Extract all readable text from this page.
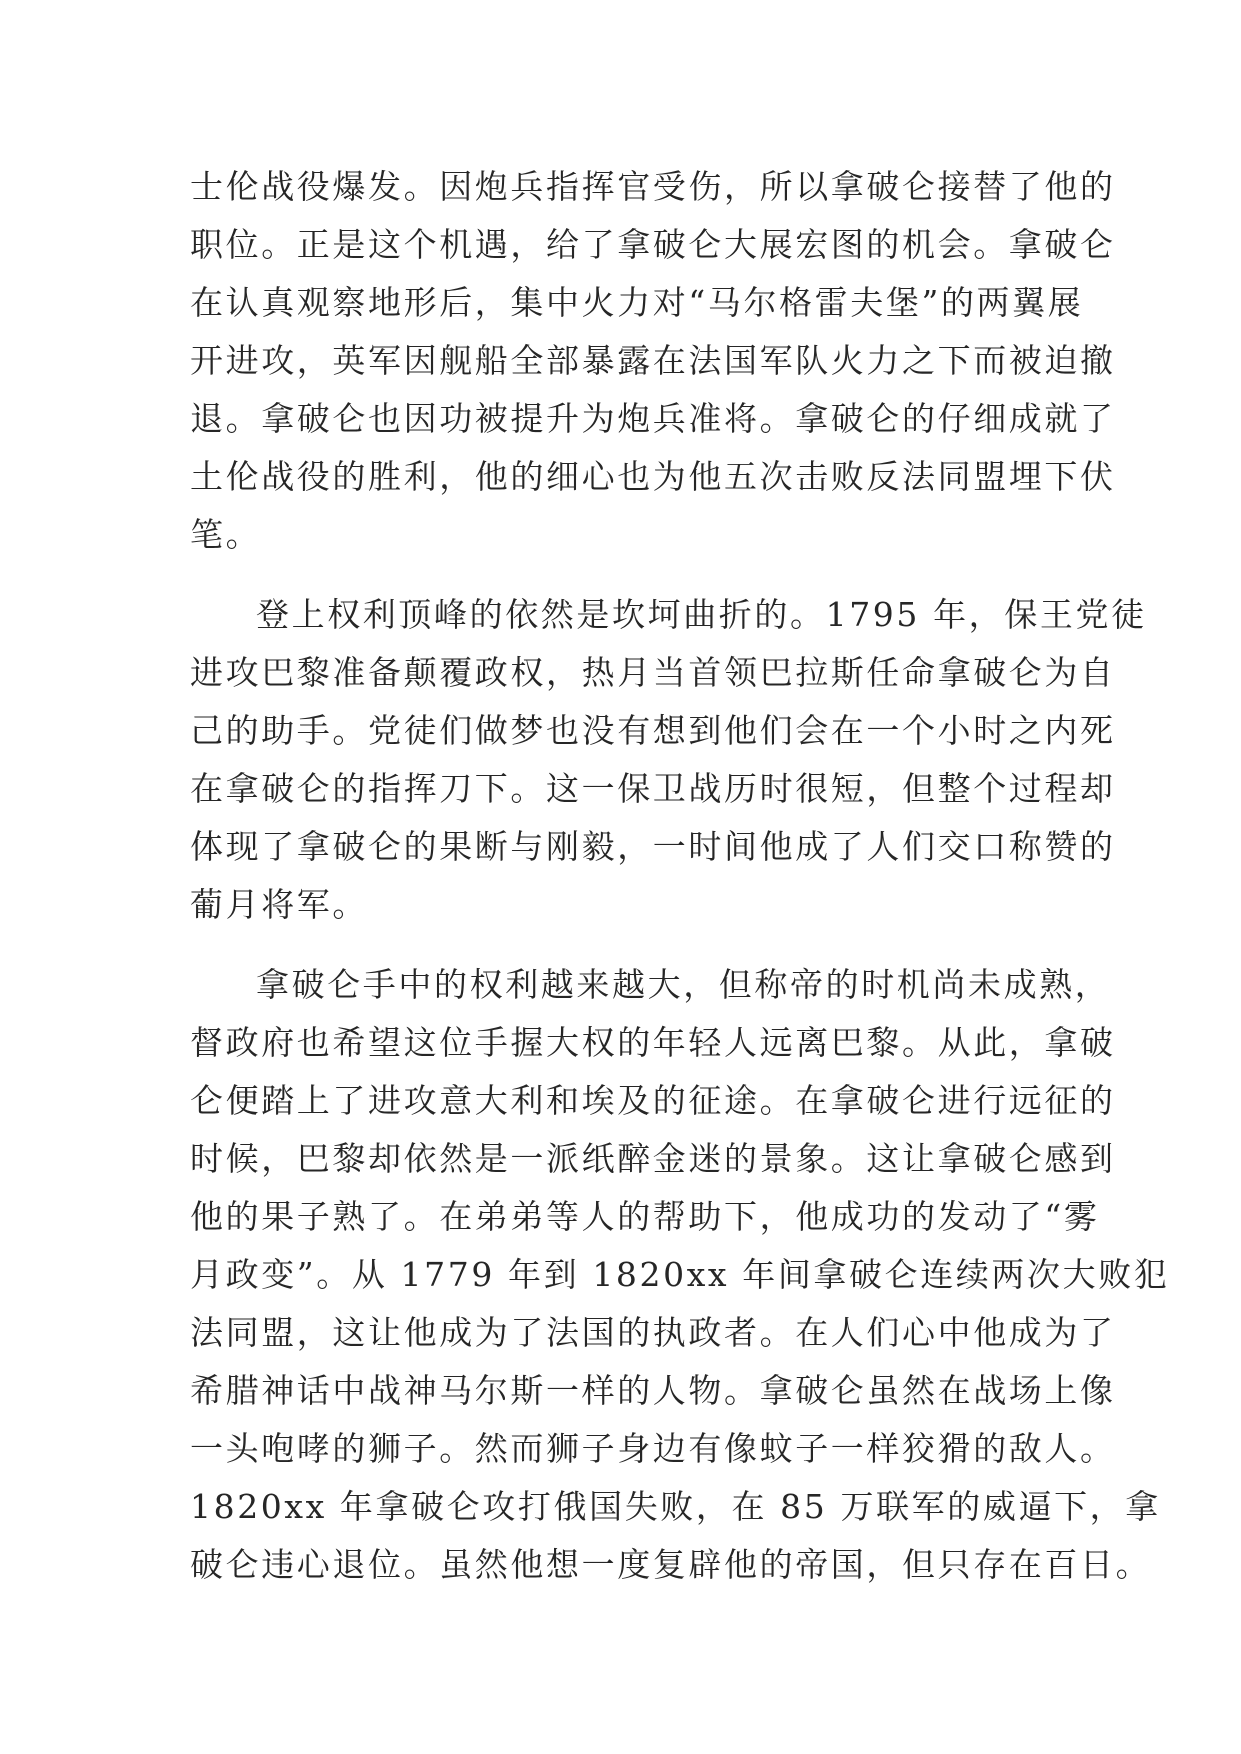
士伦战役爆发。因炮兵指挥官受伤，所以拿破仑接替了他的
职位。正是这个机遇，给了拿破仑大展宏图的机会。拿破仑
在认真观察地形后，集中火力对“马尔格雷夫堡”的两翼展
开进攻，英军因舰船全部暴露在法国军队火力之下而被迫撤
退。拿破仑也因功被提升为炮兵准将。拿破仑的仔细成就了
土伦战役的胜利，他的细心也为他五次击败反法同盟埋下伏
笔。
登上权利顶峰的依然是坎坷曲折的。1795 年，保王党徒
进攻巴黎准备颠覆政权，热月当首领巴拉斯任命拿破仑为自
己的助手。党徒们做梦也没有想到他们会在一个小时之内死
在拿破仑的指挥刀下。这一保卫战历时很短，但整个过程却
体现了拿破仑的果断与刚毅，一时间他成了人们交口称赞的
葡月将军。
拿破仑手中的权利越来越大，但称帝的时机尚未成熟，
督政府也希望这位手握大权的年轻人远离巴黎。从此，拿破
仑便踏上了进攻意大利和埃及的征途。在拿破仑进行远征的
时候，巴黎却依然是一派纸醉金迷的景象。这让拿破仑感到
他的果子熟了。在弟弟等人的帮助下，他成功的发动了“雾
月政变”。从 1779 年到 1820xx 年间拿破仑连续两次大败犯
法同盟，这让他成为了法国的执政者。在人们心中他成为了
希腊神话中战神马尔斯一样的人物。拿破仑虽然在战场上像
一头咆哮的狮子。然而狮子身边有像蚊子一样狡猾的敌人。
1820xx 年拿破仑攻打俄国失败，在 85 万联军的威逼下，拿
破仑违心退位。虽然他想一度复辟他的帝国，但只存在百日。
